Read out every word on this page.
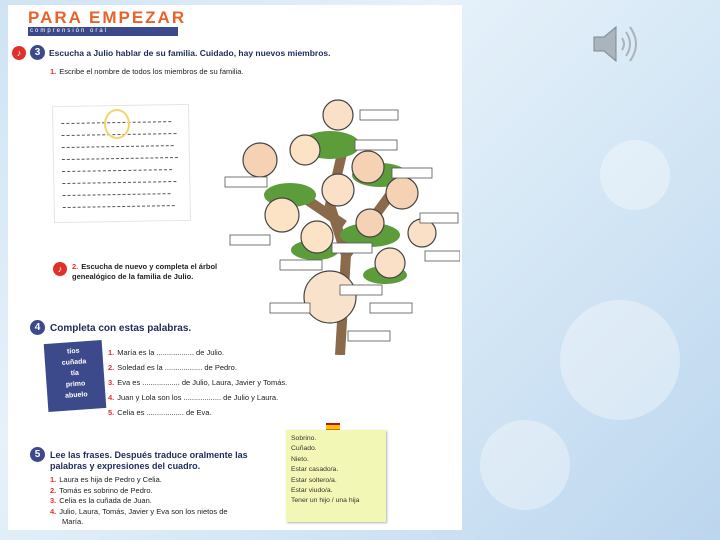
PARA EMPEZAR
comprensión oral
♪	3	Escucha a Julio hablar de su familia. Cuidado, hay nuevos miembros.
1. Escribe el nombre de todos los miembros de su familia.
♪	2. Escucha de nuevo y completa el árbol
genealógico de la familia de Julio.
4 Completa con estas palabras.
tíos
cuñada
tía
primo
abuelo
1. María es la .................. de Julio.
2. Soledad es la .................. de Pedro.
3. Eva es .................. de Julio, Laura, Javier y Tomás.
4. Juan y Lola son los .................. de Julio y Laura.
5. Celia es .................. de Eva.
5	Lee las frases. Después traduce oralmente las
palabras y expresiones del cuadro.
1. Laura es hija de Pedro y Celia.
2. Tomás es sobrino de Pedro.
3. Celia es la cuñada de Juan.
4. Julio, Laura, Tomás, Javier y Eva son los nietos de
María.
Sobrino.
Cuñado.
Nieto.
Estar casado/a.
Estar soltero/a.
Estar viudo/a.
Tener un hijo / una hija
